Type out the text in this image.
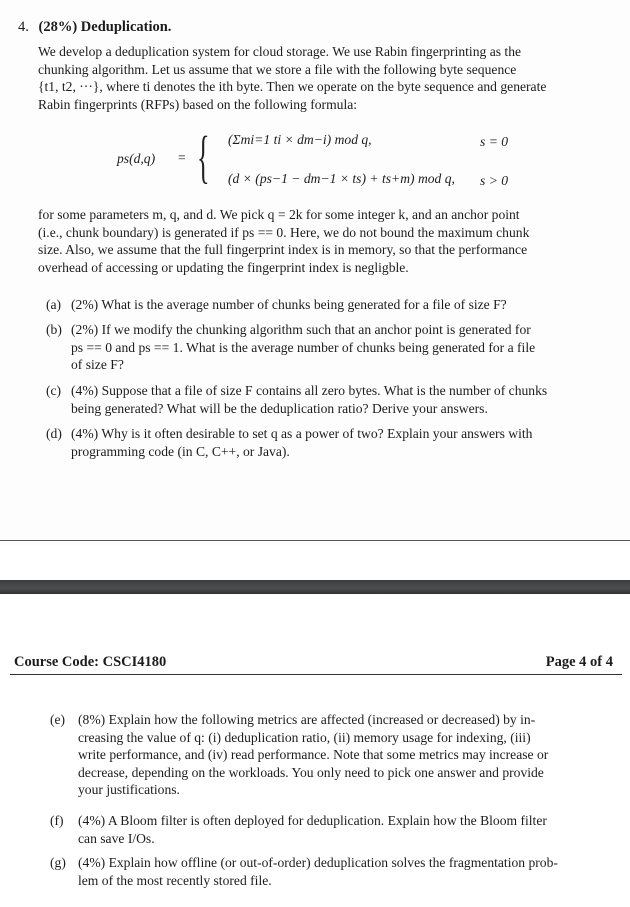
4. (28%) Deduplication.
We develop a deduplication system for cloud storage. We use Rabin fingerprinting as the
chunking algorithm. Let us assume that we store a file with the following byte sequence
{t1, t2, ···}, where ti denotes the ith byte. Then we operate on the byte sequence and generate
Rabin fingerprints (RFPs) based on the following formula:
ps(d,q) = { (Σmi=1 ti × dm−i) mod q,	s = 0
(d × (ps−1 − dm−1 × ts) + ts+m) mod q, s > 0
for some parameters m, q, and d. We pick q = 2k for some integer k, and an anchor point
(i.e., chunk boundary) is generated if ps == 0. Here, we do not bound the maximum chunk
size. Also, we assume that the full fingerprint index is in memory, so that the performance
overhead of accessing or updating the fingerprint index is negligble.
(a) (2%) What is the average number of chunks being generated for a file of size F?
(b) (2%) If we modify the chunking algorithm such that an anchor point is generated for
ps == 0 and ps == 1. What is the average number of chunks being generated for a file
of size F?
(c) (4%) Suppose that a file of size F contains all zero bytes. What is the number of chunks
being generated? What will be the deduplication ratio? Derive your answers.
(d) (4%) Why is it often desirable to set q as a power of two? Explain your answers with
programming code (in C, C++, or Java).
Course Code: CSCI4180	Page 4 of 4
(e) (8%) Explain how the following metrics are affected (increased or decreased) by in-
creasing the value of q: (i) deduplication ratio, (ii) memory usage for indexing, (iii)
write performance, and (iv) read performance. Note that some metrics may increase or
decrease, depending on the workloads. You only need to pick one answer and provide
your justifications.
(f) (4%) A Bloom filter is often deployed for deduplication. Explain how the Bloom filter
can save I/Os.
(g) (4%) Explain how offline (or out-of-order) deduplication solves the fragmentation prob-
lem of the most recently stored file.
